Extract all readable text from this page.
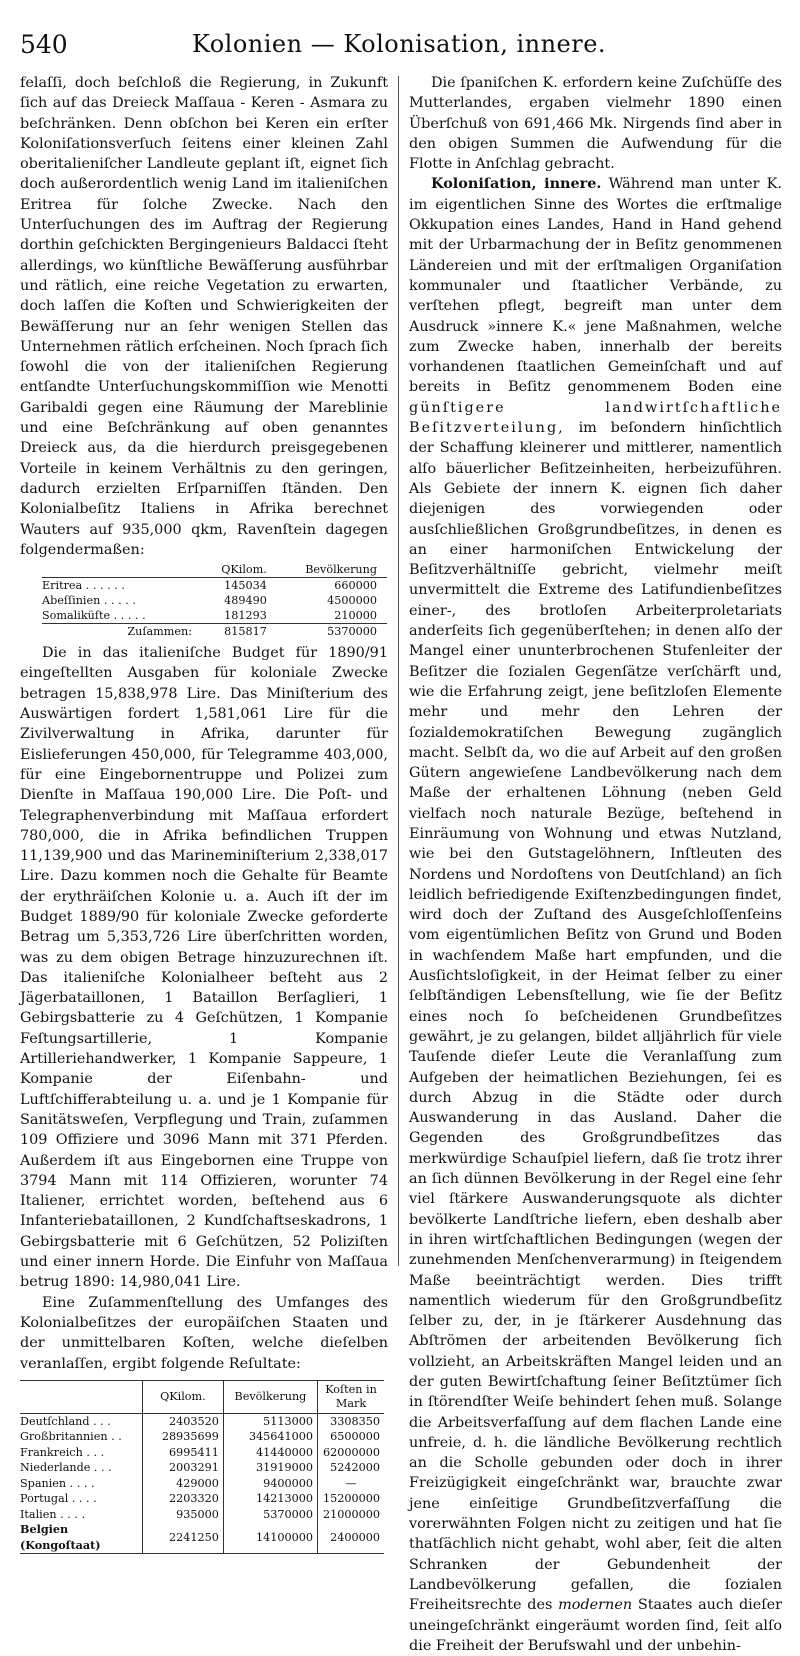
540	Kolonien — Kolonisation, innere.

felaſſi, doch beſchloß die Regierung, in Zukunft ſich auf das Dreieck Maſſaua - Keren - Asmara zu beſchränken. Denn obſchon bei Keren ein erſter Koloniſationsverſuch ſeitens einer kleinen Zahl oberitalieniſcher Landleute geplant iſt, eignet ſich doch außerordentlich wenig Land im italieniſchen Eritrea für ſolche Zwecke. Nach den Unterſuchungen des im Auftrag der Regierung dorthin geſchickten Bergingenieurs Baldacci ſteht allerdings, wo künſtliche Bewäſſerung ausführbar und rätlich, eine reiche Vegetation zu erwarten, doch laſſen die Koſten und Schwierigkeiten der Bewäſſerung nur an ſehr wenigen Stellen das Unternehmen rätlich erſcheinen. Noch ſprach ſich ſowohl die von der italieniſchen Regierung entſandte Unterſuchungskommiſſion wie Menotti Garibaldi gegen eine Räumung der Mareblinie und eine Beſchränkung auf oben genanntes Dreieck aus, da die hierdurch preisgegebenen Vorteile in keinem Verhältnis zu den geringen, dadurch erzielten Erſparniſſen ſtänden. Den Kolonialbeſitz Italiens in Afrika berechnet Wauters auf 935,000 qkm, Ravenſtein dagegen folgendermaßen:

	QKilom.	Bevölkerung
Eritrea . . . . . .	145034	660000
Abeſſinien . . . . .	489490	4500000
Somaliküſte . . . . .	181293	210000
Zuſammen:	815817	5370000

Die in das italieniſche Budget für 1890/91 eingeſtellten Ausgaben für koloniale Zwecke betragen 15,838,978 Lire. Das Miniſterium des Auswärtigen fordert 1,581,061 Lire für die Zivilverwaltung in Afrika, darunter für Eislieferungen 450,000, für Telegramme 403,000, für eine Eingebornentruppe und Polizei zum Dienſte in Maſſaua 190,000 Lire. Die Poſt- und Telegraphenverbindung mit Maſſaua erfordert 780,000, die in Afrika befindlichen Truppen 11,139,900 und das Marineminiſterium 2,338,017 Lire. Dazu kommen noch die Gehalte für Beamte der erythräiſchen Kolonie u. a. Auch iſt der im Budget 1889/90 für koloniale Zwecke geforderte Betrag um 5,353,726 Lire überſchritten worden, was zu dem obigen Betrage hinzuzurechnen iſt. Das italieniſche Kolonialheer beſteht aus 2 Jägerbataillonen, 1 Bataillon Berſaglieri, 1 Gebirgsbatterie zu 4 Geſchützen, 1 Kompanie Feſtungsartillerie, 1 Kompanie Artilleriehandwerker, 1 Kompanie Sappeure, 1 Kompanie der Eiſenbahn- und Luftſchifferabteilung u. a. und je 1 Kompanie für Sanitätsweſen, Verpflegung und Train, zuſammen 109 Offiziere und 3096 Mann mit 371 Pferden. Außerdem iſt aus Eingebornen eine Truppe von 3794 Mann mit 114 Offizieren, worunter 74 Italiener, errichtet worden, beſtehend aus 6 Infanteriebataillonen, 2 Kundſchaftseskadrons, 1 Gebirgsbatterie mit 6 Geſchützen, 52 Poliziſten und einer innern Horde. Die Einfuhr von Maſſaua betrug 1890: 14,980,041 Lire.

Eine Zuſammenſtellung des Umfanges des Kolonialbeſitzes der europäiſchen Staaten und der unmittelbaren Koſten, welche dieſelben veranlaſſen, ergibt folgende Reſultate:

	QKilom.	Bevölkerung	Koſten in Mark
Deutſchland . . .	2403520	5113000	3308350
Großbritannien . .	28935699	345641000	6500000
Frankreich . . .	6995411	41440000	62000000
Niederlande . . .	2003291	31919000	5242000
Spanien . . . .	429000	9400000	—
Portugal . . . .	2203320	14213000	15200000
Italien . . . .	935000	5370000	21000000
Belgien (Kongoſtaat)	2241250	14100000	2400000

Die ſpaniſchen K. erfordern keine Zuſchüſſe des Mutterlandes, ergaben vielmehr 1890 einen Überſchuß von 691,466 Mk. Nirgends ſind aber in den obigen Summen die Aufwendung für die Flotte in Anſchlag gebracht.

Koloniſation, innere. Während man unter K. im eigentlichen Sinne des Wortes die erſtmalige Okkupation eines Landes, Hand in Hand gehend mit der Urbarmachung der in Beſitz genommenen Ländereien und mit der erſtmaligen Organiſation kommunaler und ſtaatlicher Verbände, zu verſtehen pflegt, begreift man unter dem Ausdruck »innere K.« jene Maßnahmen, welche zum Zwecke haben, innerhalb der bereits vorhandenen ſtaatlichen Gemeinſchaft und auf bereits in Beſitz genommenem Boden eine günſtigere landwirtſchaftliche Beſitzverteilung, im beſondern hinſichtlich der Schaffung kleinerer und mittlerer, namentlich alſo bäuerlicher Beſitzeinheiten, herbeizuführen. Als Gebiete der innern K. eignen ſich daher diejenigen des vorwiegenden oder ausſchließlichen Großgrundbeſitzes, in denen es an einer harmoniſchen Entwickelung der Beſitzverhältniſſe gebricht, vielmehr meiſt unvermittelt die Extreme des Latifundienbeſitzes einer-, des brotloſen Arbeiterproletariats anderſeits ſich gegenüberſtehen; in denen alſo der Mangel einer ununterbrochenen Stufenleiter der Beſitzer die ſozialen Gegenſätze verſchärft und, wie die Erfahrung zeigt, jene beſitzloſen Elemente mehr und mehr den Lehren der ſozialdemokratiſchen Bewegung zugänglich macht. Selbſt da, wo die auf Arbeit auf den großen Gütern angewieſene Landbevölkerung nach dem Maße der erhaltenen Löhnung (neben Geld vielfach noch naturale Bezüge, beſtehend in Einräumung von Wohnung und etwas Nutzland, wie bei den Gutstagelöhnern, Inſtleuten des Nordens und Nordoſtens von Deutſchland) an ſich leidlich befriedigende Exiſtenzbedingungen findet, wird doch der Zuſtand des Ausgeſchloſſenſeins vom eigentümlichen Beſitz von Grund und Boden in wachſendem Maße hart empfunden, und die Ausſichtsloſigkeit, in der Heimat ſelber zu einer ſelbſtändigen Lebensſtellung, wie ſie der Beſitz eines noch ſo beſcheidenen Grundbeſitzes gewährt, je zu gelangen, bildet alljährlich für viele Tauſende dieſer Leute die Veranlaſſung zum Aufgeben der heimatlichen Beziehungen, ſei es durch Abzug in die Städte oder durch Auswanderung in das Ausland. Daher die Gegenden des Großgrundbeſitzes das merkwürdige Schauſpiel liefern, daß ſie trotz ihrer an ſich dünnen Bevölkerung in der Regel eine ſehr viel ſtärkere Auswanderungsquote als dichter bevölkerte Landſtriche liefern, eben deshalb aber in ihren wirtſchaftlichen Bedingungen (wegen der zunehmenden Menſchenverarmung) in ſteigendem Maße beeinträchtigt werden. Dies trifft namentlich wiederum für den Großgrundbeſitz ſelber zu, der, in je ſtärkerer Ausdehnung das Abſtrömen der arbeitenden Bevölkerung ſich vollzieht, an Arbeitskräften Mangel leiden und an der guten Bewirtſchaftung ſeiner Beſitztümer ſich in ſtörendſter Weiſe behindert ſehen muß. Solange die Arbeitsverfaſſung auf dem flachen Lande eine unfreie, d. h. die ländliche Bevölkerung rechtlich an die Scholle gebunden oder doch in ihrer Freizügigkeit eingeſchränkt war, brauchte zwar jene einſeitige Grundbeſitzverfaſſung die vorerwähnten Folgen nicht zu zeitigen und hat ſie thatſächlich nicht gehabt, wohl aber, ſeit die alten Schranken der Gebundenheit der Landbevölkerung gefallen, die ſozialen Freiheitsrechte des modernen Staates auch dieſer uneingeſchränkt eingeräumt worden ſind, ſeit alſo die Freiheit der Berufswahl und der unbehin-
